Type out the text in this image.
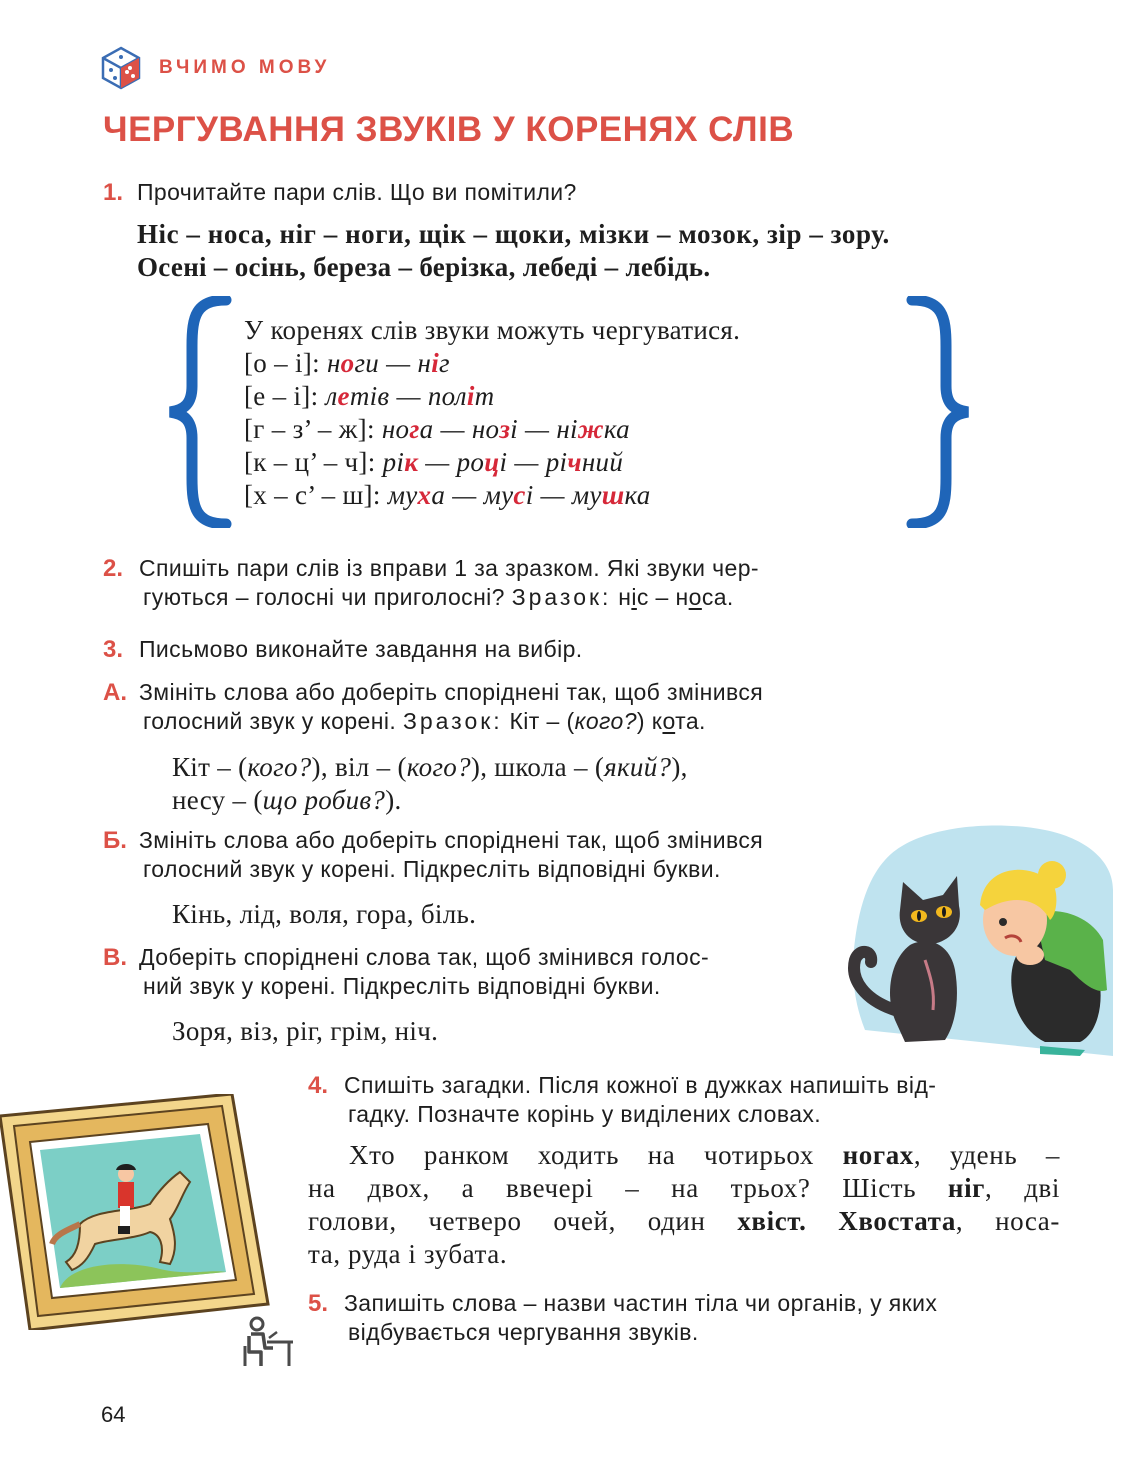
ВЧИМО МОВУ
ЧЕРГУВАННЯ ЗВУКІВ У КОРЕНЯХ СЛІВ
1. Прочитайте пари слів. Що ви помітили?
Ніс – носа, ніг – ноги, щік – щоки, мізки – мозок, зір – зору.
Осені – осінь, береза – берізка, лебеді – лебідь.
У коренях слів звуки можуть чергуватися.
[о – і]: ноги — ніг
[е – і]: летів — політ
[г – з’ – ж]: нога — нозі — ніжка
[к – ц’ – ч]: рік — році — річний
[х – с’ – ш]: муха — мусі — мушка
2. Спишіть пари слів із вправи 1 за зразком. Які звуки чер-
гуються – голосні чи приголосні? Зразок: ніс – носа.
3. Письмово виконайте завдання на вибір.
А. Змініть слова або доберіть споріднені так, щоб змінився
голосний звук у корені. Зразок: Кіт – (кого?) кота.
Кіт – (кого?), віл – (кого?), школа – (який?),
несу – (що робив?).
Б. Змініть слова або доберіть споріднені так, щоб змінився
голосний звук у корені. Підкресліть відповідні букви.
Кінь, лід, воля, гора, біль.
В. Доберіть споріднені слова так, щоб змінився голос-
ний звук у корені. Підкресліть відповідні букви.
Зоря, віз, ріг, грім, ніч.
4. Спишіть загадки. Після кожної в дужках напишіть від-
гадку. Позначте корінь у виділених словах.
Хто ранком ходить на чотирьох ногах, удень –
на двох, а ввечері – на трьох? Шість ніг, дві
голови, четверо очей, один хвіст. Хвостата, носа-
та, руда і зубата.
5. Запишіть слова – назви частин тіла чи органів, у яких
відбувається чергування звуків.
64
